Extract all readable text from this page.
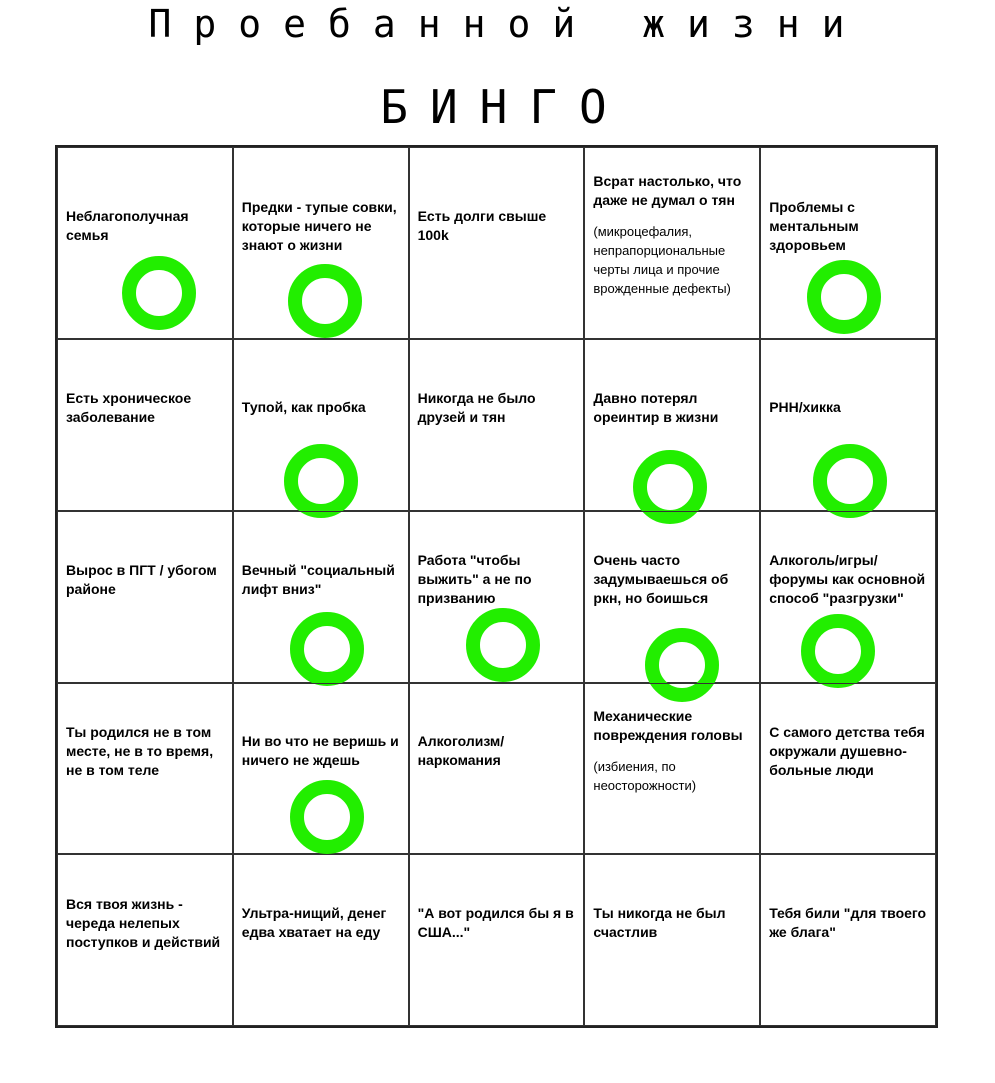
Проебанной жизни
БИНГО
Неблагополучная семья
Предки - тупые совки, которые ничего не знают о жизни
Есть долги свыше 100k
Всрат настолько, что даже не думал о тян
(микроцефалия, непрапорциональные черты лица и прочие врожденные дефекты)
Проблемы с ментальным здоровьем
Есть хроническое заболевание
Тупой, как пробка
Никогда не было друзей и тян
Давно потерял ореинтир в жизни
РНН/хикка
Вырос в ПГТ / убогом районе
Вечный "социальный лифт вниз"
Работа "чтобы выжить" а не по призванию
Очень часто задумываешься об ркн, но боишься
Алкоголь/игры/форумы как основной способ "разгрузки"
Ты родился не в том месте, не в то время, не в том теле
Ни во что не веришь и ничего не ждешь
Алкоголизм/ наркомания
Механические повреждения головы
(избиения, по неосторожности)
С самого детства тебя окружали душевно-больные люди
Вся твоя жизнь - череда нелепых поступков и действий
Ультра-нищий, денег едва хватает на еду
"А вот родился бы я в США..."
Ты никогда не был счастлив
Тебя били "для твоего же блага"
